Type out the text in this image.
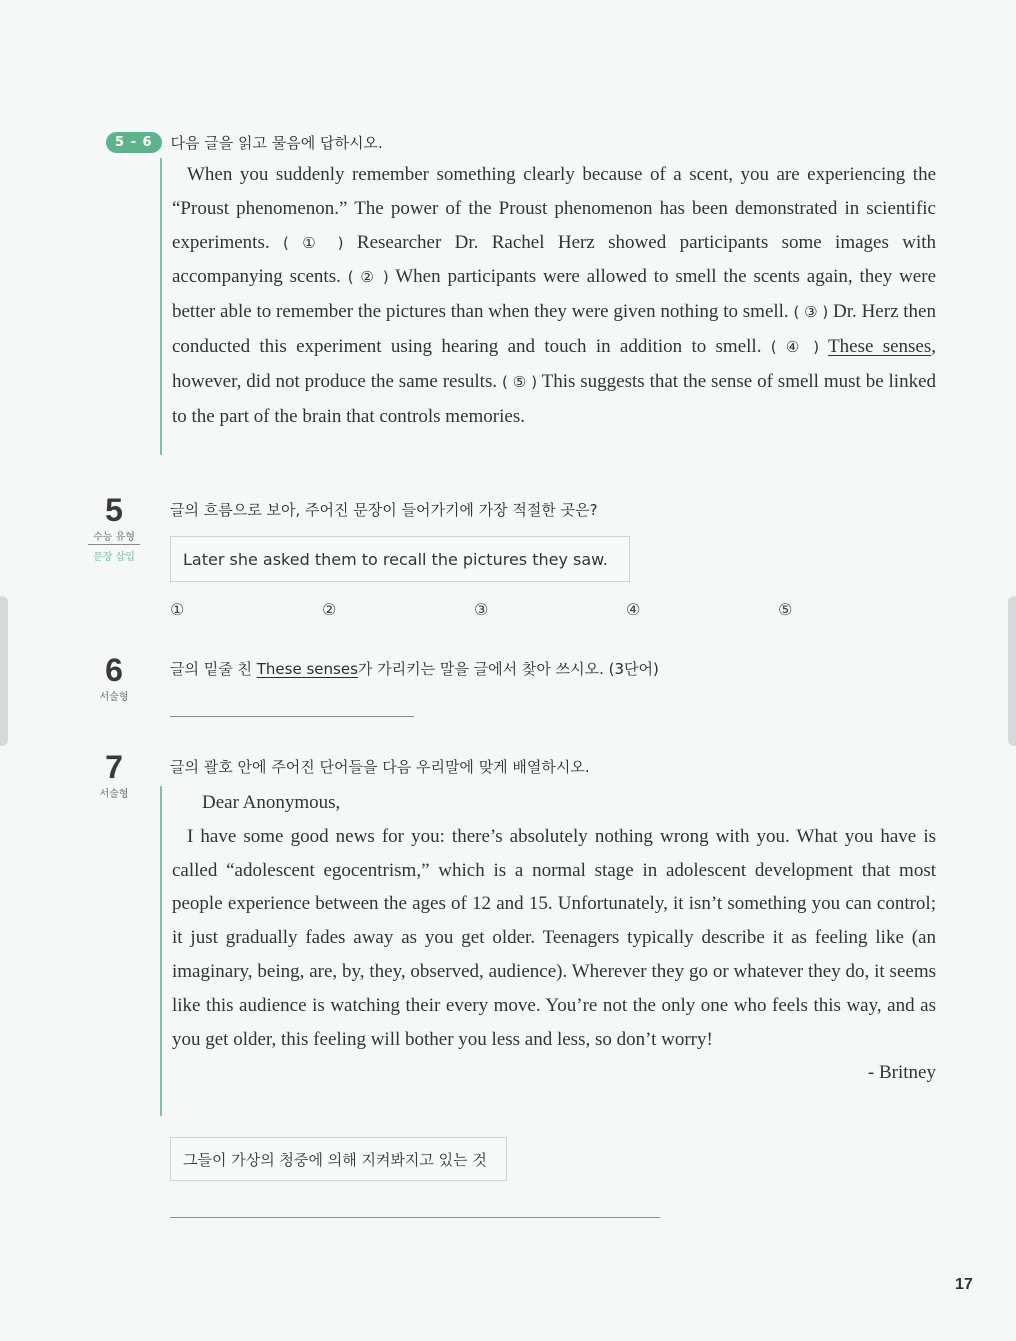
5 - 6	다음 글을 읽고 물음에 답하시오.

When you suddenly remember something clearly because of a scent, you are experiencing the “Proust phenomenon.” The power of the Proust phenomenon has been demonstrated in scientific experiments. ( ① ) Researcher Dr. Rachel Herz showed participants some images with accompanying scents. ( ② ) When participants were allowed to smell the scents again, they were better able to remember the pictures than when they were given nothing to smell. ( ③ ) Dr. Herz then conducted this experiment using hearing and touch in addition to smell. ( ④ ) These senses, however, did not produce the same results. ( ⑤ ) This suggests that the sense of smell must be linked to the part of the brain that controls memories.

5
수능 유형
문장 삽입
글의 흐름으로 보아, 주어진 문장이 들어가기에 가장 적절한 곳은?
Later she asked them to recall the pictures they saw.
①	②	③	④	⑤
6
서술형
글의 밑줄 친 These senses가 가리키는 말을 글에서 찾아 쓰시오. (3단어)
7
서술형
글의 괄호 안에 주어진 단어들을 다음 우리말에 맞게 배열하시오.

Dear Anonymous,

I have some good news for you: there’s absolutely nothing wrong with you. What you have is called “adolescent egocentrism,” which is a normal stage in adolescent development that most people experience between the ages of 12 and 15. Unfortunately, it isn’t something you can control; it just gradually fades away as you get older. Teenagers typically describe it as feeling like (an imaginary, being, are, by, they, observed, audience). Wherever they go or whatever they do, it seems like this audience is watching their every move. You’re not the only one who feels this way, and as you get older, this feeling will bother you less and less, so don’t worry!

- Britney

그들이 가상의 청중에 의해 지켜봐지고 있는 것
17
